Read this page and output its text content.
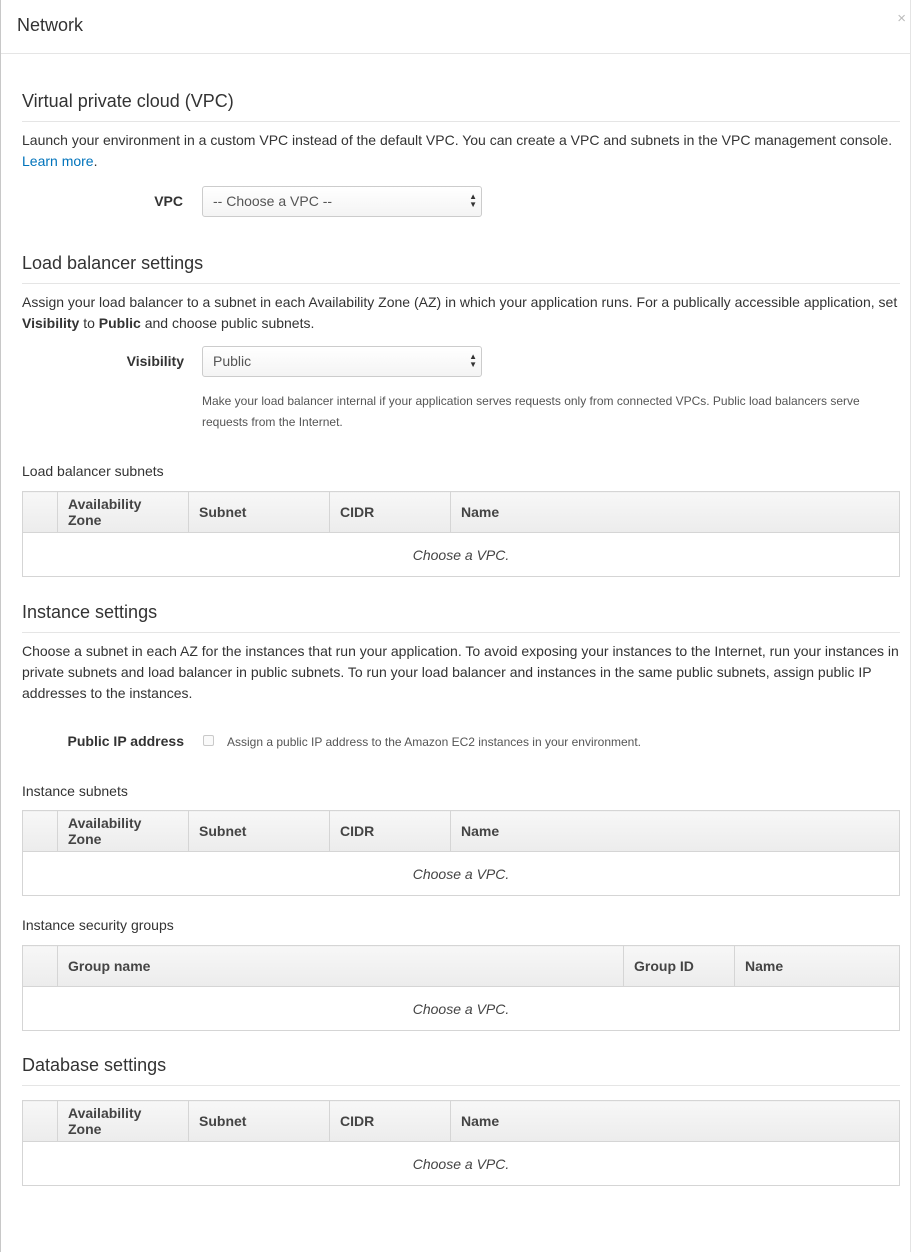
Network	×
Virtual private cloud (VPC)
Launch your environment in a custom VPC instead of the default VPC. You can create a VPC and subnets in the VPC management console.
Learn more.
VPC	-- Choose a VPC --	▲
▼
Load balancer settings
Assign your load balancer to a subnet in each Availability Zone (AZ) in which your application runs. For a publically accessible application, set Visibility to Public and choose public subnets.
Visibility	Public	▲
▼
Make your load balancer internal if your application serves requests only from connected VPCs. Public load balancers serve requests from the Internet.
Load balancer subnets
	Availability Zone	Subnet	CIDR	Name
Choose a VPC.
Instance settings
Choose a subnet in each AZ for the instances that run your application. To avoid exposing your instances to the Internet, run your instances in private subnets and load balancer in public subnets. To run your load balancer and instances in the same public subnets, assign public IP addresses to the instances.
Public IP address	Assign a public IP address to the Amazon EC2 instances in your environment.
Instance subnets
	Availability Zone	Subnet	CIDR	Name
Choose a VPC.
Instance security groups
	Group name	Group ID	Name
Choose a VPC.
Database settings
	Availability Zone	Subnet	CIDR	Name
Choose a VPC.
